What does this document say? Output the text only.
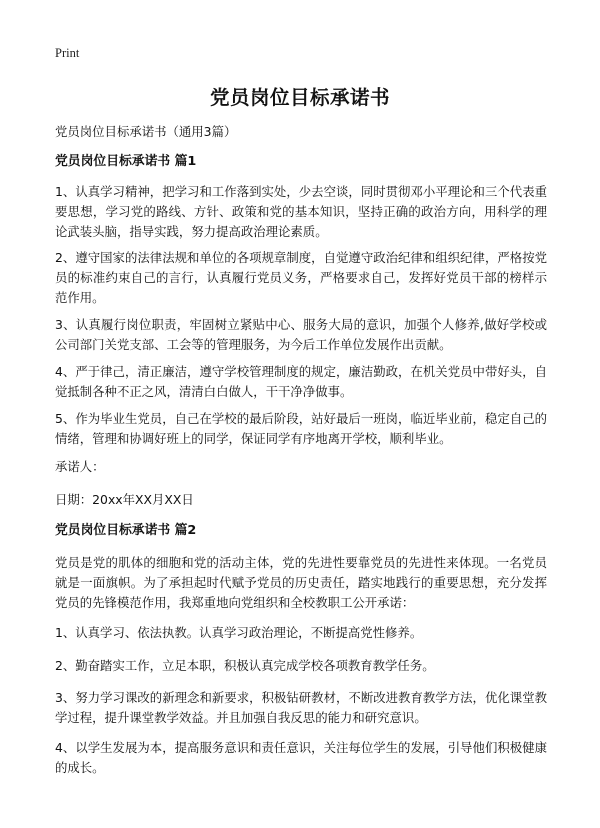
Print
党员岗位目标承诺书
党员岗位目标承诺书（通用3篇）
党员岗位目标承诺书 篇1
1、认真学习精神，把学习和工作落到实处，少去空谈，同时贯彻邓小平理论和三个代表重要思想，学习党的路线、方针、政策和党的基本知识，坚持正确的政治方向，用科学的理论武装头脑，指导实践，努力提高政治理论素质。
2、遵守国家的法律法规和单位的各项规章制度，自觉遵守政治纪律和组织纪律，严格按党员的标准约束自己的言行，认真履行党员义务，严格要求自己，发挥好党员干部的榜样示范作用。
3、认真履行岗位职责，牢固树立紧贴中心、服务大局的意识，加强个人修养,做好学校或公司部门关党支部、工会等的管理服务，为今后工作单位发展作出贡献。
4、严于律己，清正廉洁，遵守学校管理制度的规定，廉洁勤政，在机关党员中带好头，自觉抵制各种不正之风，清清白白做人，干干净净做事。
5、作为毕业生党员，自己在学校的最后阶段，站好最后一班岗，临近毕业前，稳定自己的情绪，管理和协调好班上的同学，保证同学有序地离开学校，顺利毕业。
承诺人：
日期：20xx年XX月XX日
党员岗位目标承诺书 篇2
党员是党的肌体的细胞和党的活动主体，党的先进性要靠党员的先进性来体现。一名党员就是一面旗帜。为了承担起时代赋予党员的历史责任，踏实地践行的重要思想，充分发挥党员的先锋模范作用，我郑重地向党组织和全校教职工公开承诺：
1、认真学习、依法执教。认真学习政治理论，不断提高党性修养。
2、勤奋踏实工作，立足本职，积极认真完成学校各项教育教学任务。
3、努力学习课改的新理念和新要求，积极钻研教材，不断改进教育教学方法，优化课堂教学过程，提升课堂教学效益。并且加强自我反思的能力和研究意识。
4、以学生发展为本，提高服务意识和责任意识，关注每位学生的发展，引导他们积极健康的成长。
